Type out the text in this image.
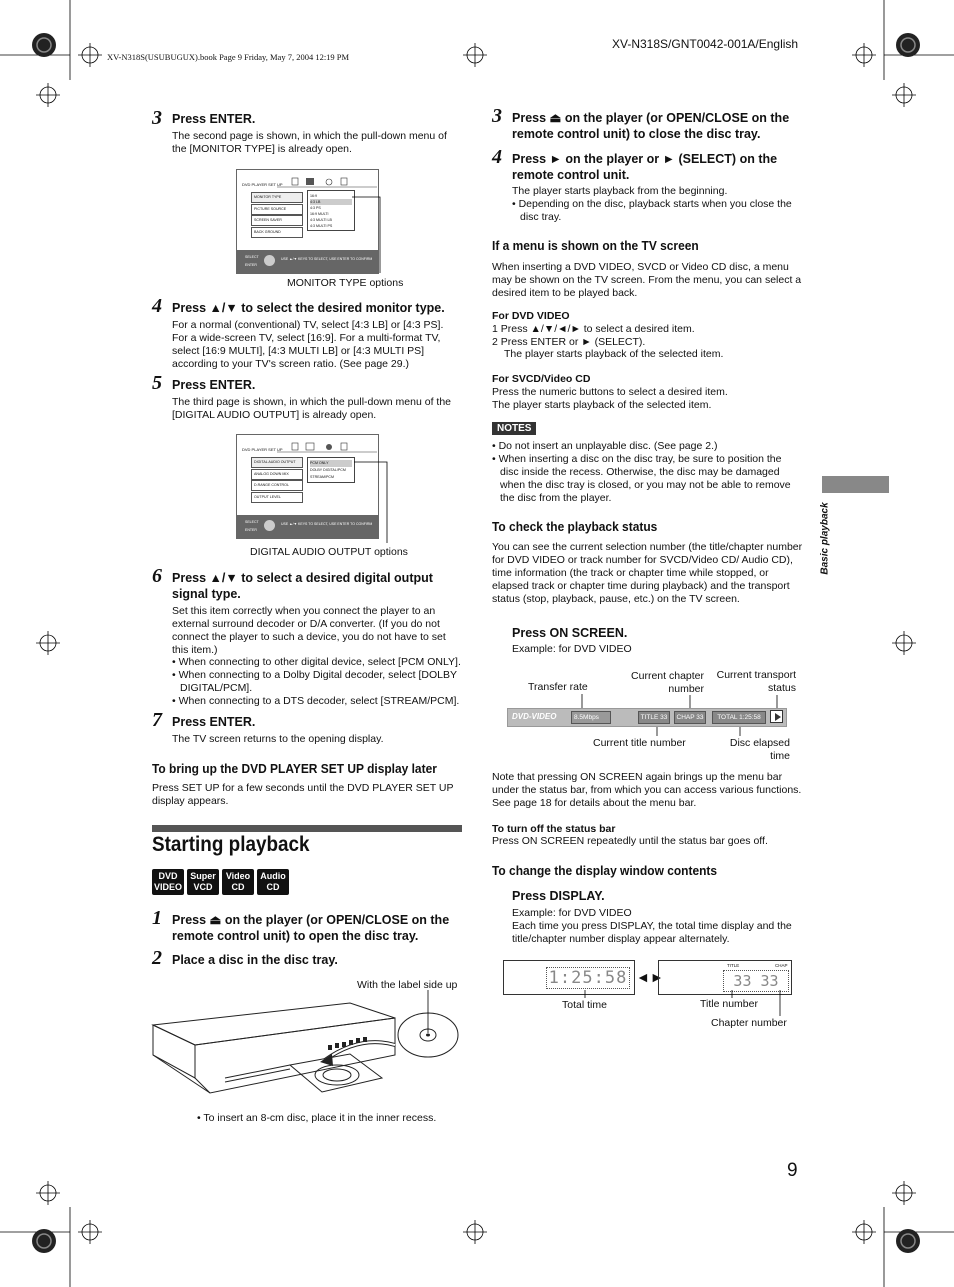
XV-N318S(USUBUGUX).book Page 9 Friday, May 7, 2004 12:19 PM
XV-N318S/GNT0042-001A/English
Basic playback
3 Press ENTER.
The second page is shown, in which the pull-down menu of the [MONITOR TYPE] is already open.
DVD PLAYER SET UP
MONITOR TYPE
PICTURE SOURCE
SCREEN SAVER
BACK GROUND
16:9
4:3 LB
4:3 PS
16:9 MULTI
4:3 MULTI LB
4:3 MULTI PS
SELECT
ENTER
USE ▲/▼ KEYS TO SELECT, USE ENTER TO CONFIRM
MONITOR TYPE options
4 Press ▲/▼ to select the desired monitor type.
For a normal (conventional) TV, select [4:3 LB] or [4:3 PS]. For a wide-screen TV, select [16:9]. For a multi-format TV, select [16:9 MULTI], [4:3 MULTI LB] or [4:3 MULTI PS] according to your TV's screen ratio. (See page 29.)
5 Press ENTER.
The third page is shown, in which the pull-down menu of the [DIGITAL AUDIO OUTPUT] is already open.
DVD PLAYER SET UP
DIGITAL AUDIO OUTPUT
ANALOG DOWN MIX
D.RANGE CONTROL
OUTPUT LEVEL
PCM ONLY
DOLBY DIGITAL/PCM
STREAM/PCM
SELECT
ENTER
USE ▲/▼ KEYS TO SELECT, USE ENTER TO CONFIRM
DIGITAL AUDIO OUTPUT options
6 Press ▲/▼ to select a desired digital output signal type.
Set this item correctly when you connect the player to an external surround decoder or D/A converter. (If you do not connect the player to such a device, you do not have to set this item.)
• When connecting to other digital device, select [PCM ONLY].
• When connecting to a Dolby Digital decoder, select [DOLBY DIGITAL/PCM].
• When connecting to a DTS decoder, select [STREAM/PCM].
7 Press ENTER.
The TV screen returns to the opening display.
To bring up the DVD PLAYER SET UP display later
Press SET UP for a few seconds until the DVD PLAYER SET UP display appears.
Starting playback
DVD
VIDEOSuper
VCDVideo
CDAudio
CD
1 Press ⏏ on the player (or OPEN/CLOSE on the remote control unit) to open the disc tray.
2 Place a disc in the disc tray.
With the label side up
• To insert an 8-cm disc, place it in the inner recess.
3 Press ⏏ on the player (or OPEN/CLOSE on the remote control unit) to close the disc tray.
4 Press ► on the player or ► (SELECT) on the remote control unit.
The player starts playback from the beginning.
• Depending on the disc, playback starts when you close the disc tray.
If a menu is shown on the TV screen
When inserting a DVD VIDEO, SVCD or Video CD disc, a menu may be shown on the TV screen. From the menu, you can select a desired item to be played back.
For DVD VIDEO
1 Press ▲/▼/◄/► to select a desired item.
2 Press ENTER or ► (SELECT).
The player starts playback of the selected item.
For SVCD/Video CD
Press the numeric buttons to select a desired item.
The player starts playback of the selected item.
NOTES
• Do not insert an unplayable disc. (See page 2.)
• When inserting a disc on the disc tray, be sure to position the disc inside the recess. Otherwise, the disc may be damaged when the disc tray is closed, or you may not be able to remove the disc from the player.
To check the playback status
You can see the current selection number (the title/chapter number for DVD VIDEO or track number for SVCD/Video CD/ Audio CD), time information (the track or chapter time while stopped, or elapsed track or chapter time during playback) and the transport status (stop, playback, pause, etc.) on the TV screen.
Press ON SCREEN.
Example: for DVD VIDEO
Transfer rate
Current chapter number
Current transport status
DVD-VIDEO	8.5Mbps	TITLE 33	CHAP 33	TOTAL 1:25:58
Current title number	Disc elapsed time
Note that pressing ON SCREEN again brings up the menu bar under the status bar, from which you can access various functions. See page 18 for details about the menu bar.
To turn off the status bar
Press ON SCREEN repeatedly until the status bar goes off.
To change the display window contents
Press DISPLAY.
Example: for DVD VIDEO
Each time you press DISPLAY, the total time display and the title/chapter number display appear alternately.
1:25:58 ◄►
TITLE	CHAP
33 33
Total time	Title number
Chapter number
9
